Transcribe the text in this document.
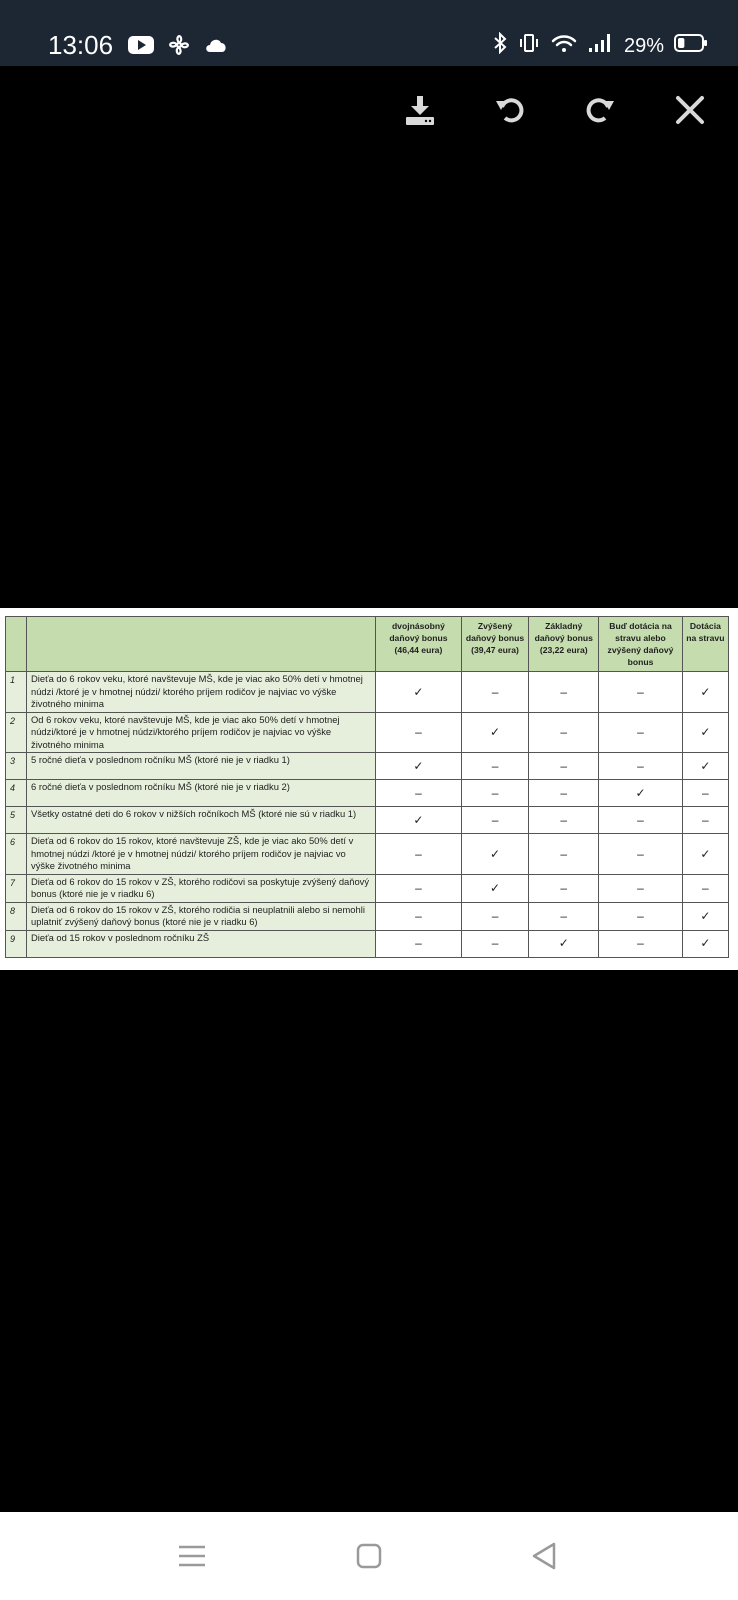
13:06	29%
		dvojnásobný daňový bonus (46,44 eura)	Zvýšený daňový bonus (39,47 eura)	Základný daňový bonus (23,22 eura)	Buď dotácia na stravu alebo zvýšený daňový bonus	Dotácia na stravu
1	Dieťa do 6 rokov veku, ktoré navštevuje MŠ, kde je viac ako 50% detí v hmotnej núdzi /ktoré je v hmotnej núdzi/ ktorého príjem rodičov je najviac vo výške životného minima	✓	–	–	–	✓
2	Od 6 rokov veku, ktoré navštevuje MŠ, kde je viac ako 50% detí v hmotnej núdzi/ktoré je v hmotnej núdzi/ktorého príjem rodičov je najviac vo výške životného minima	–	✓	–	–	✓
3	5 ročné dieťa v poslednom ročníku MŠ (ktoré nie je v riadku 1)	✓	–	–	–	✓
4	6 ročné dieťa v poslednom ročníku MŠ (ktoré nie je v riadku 2)	–	–	–	✓	–
5	Všetky ostatné deti do 6 rokov v nižších ročníkoch MŠ (ktoré nie sú v riadku 1)	✓	–	–	–	–
6	Dieťa od 6 rokov do 15 rokov, ktoré navštevuje ZŠ, kde je viac ako 50% detí v hmotnej núdzi /ktoré je v hmotnej núdzi/ ktorého príjem rodičov je najviac vo výške životného minima	–	✓	–	–	✓
7	Dieťa od 6 rokov do 15 rokov v ZŠ, ktorého rodičovi sa poskytuje zvýšený daňový bonus (ktoré nie je v riadku 6)	–	✓	–	–	–
8	Dieťa od 6 rokov do 15 rokov v ZŠ, ktorého rodičia si neuplatnili alebo si nemohli uplatniť zvýšený daňový bonus (ktoré nie je v riadku 6)	–	–	–	–	✓
9	Dieťa od 15 rokov v poslednom ročníku ZŠ	–	–	✓	–	✓
